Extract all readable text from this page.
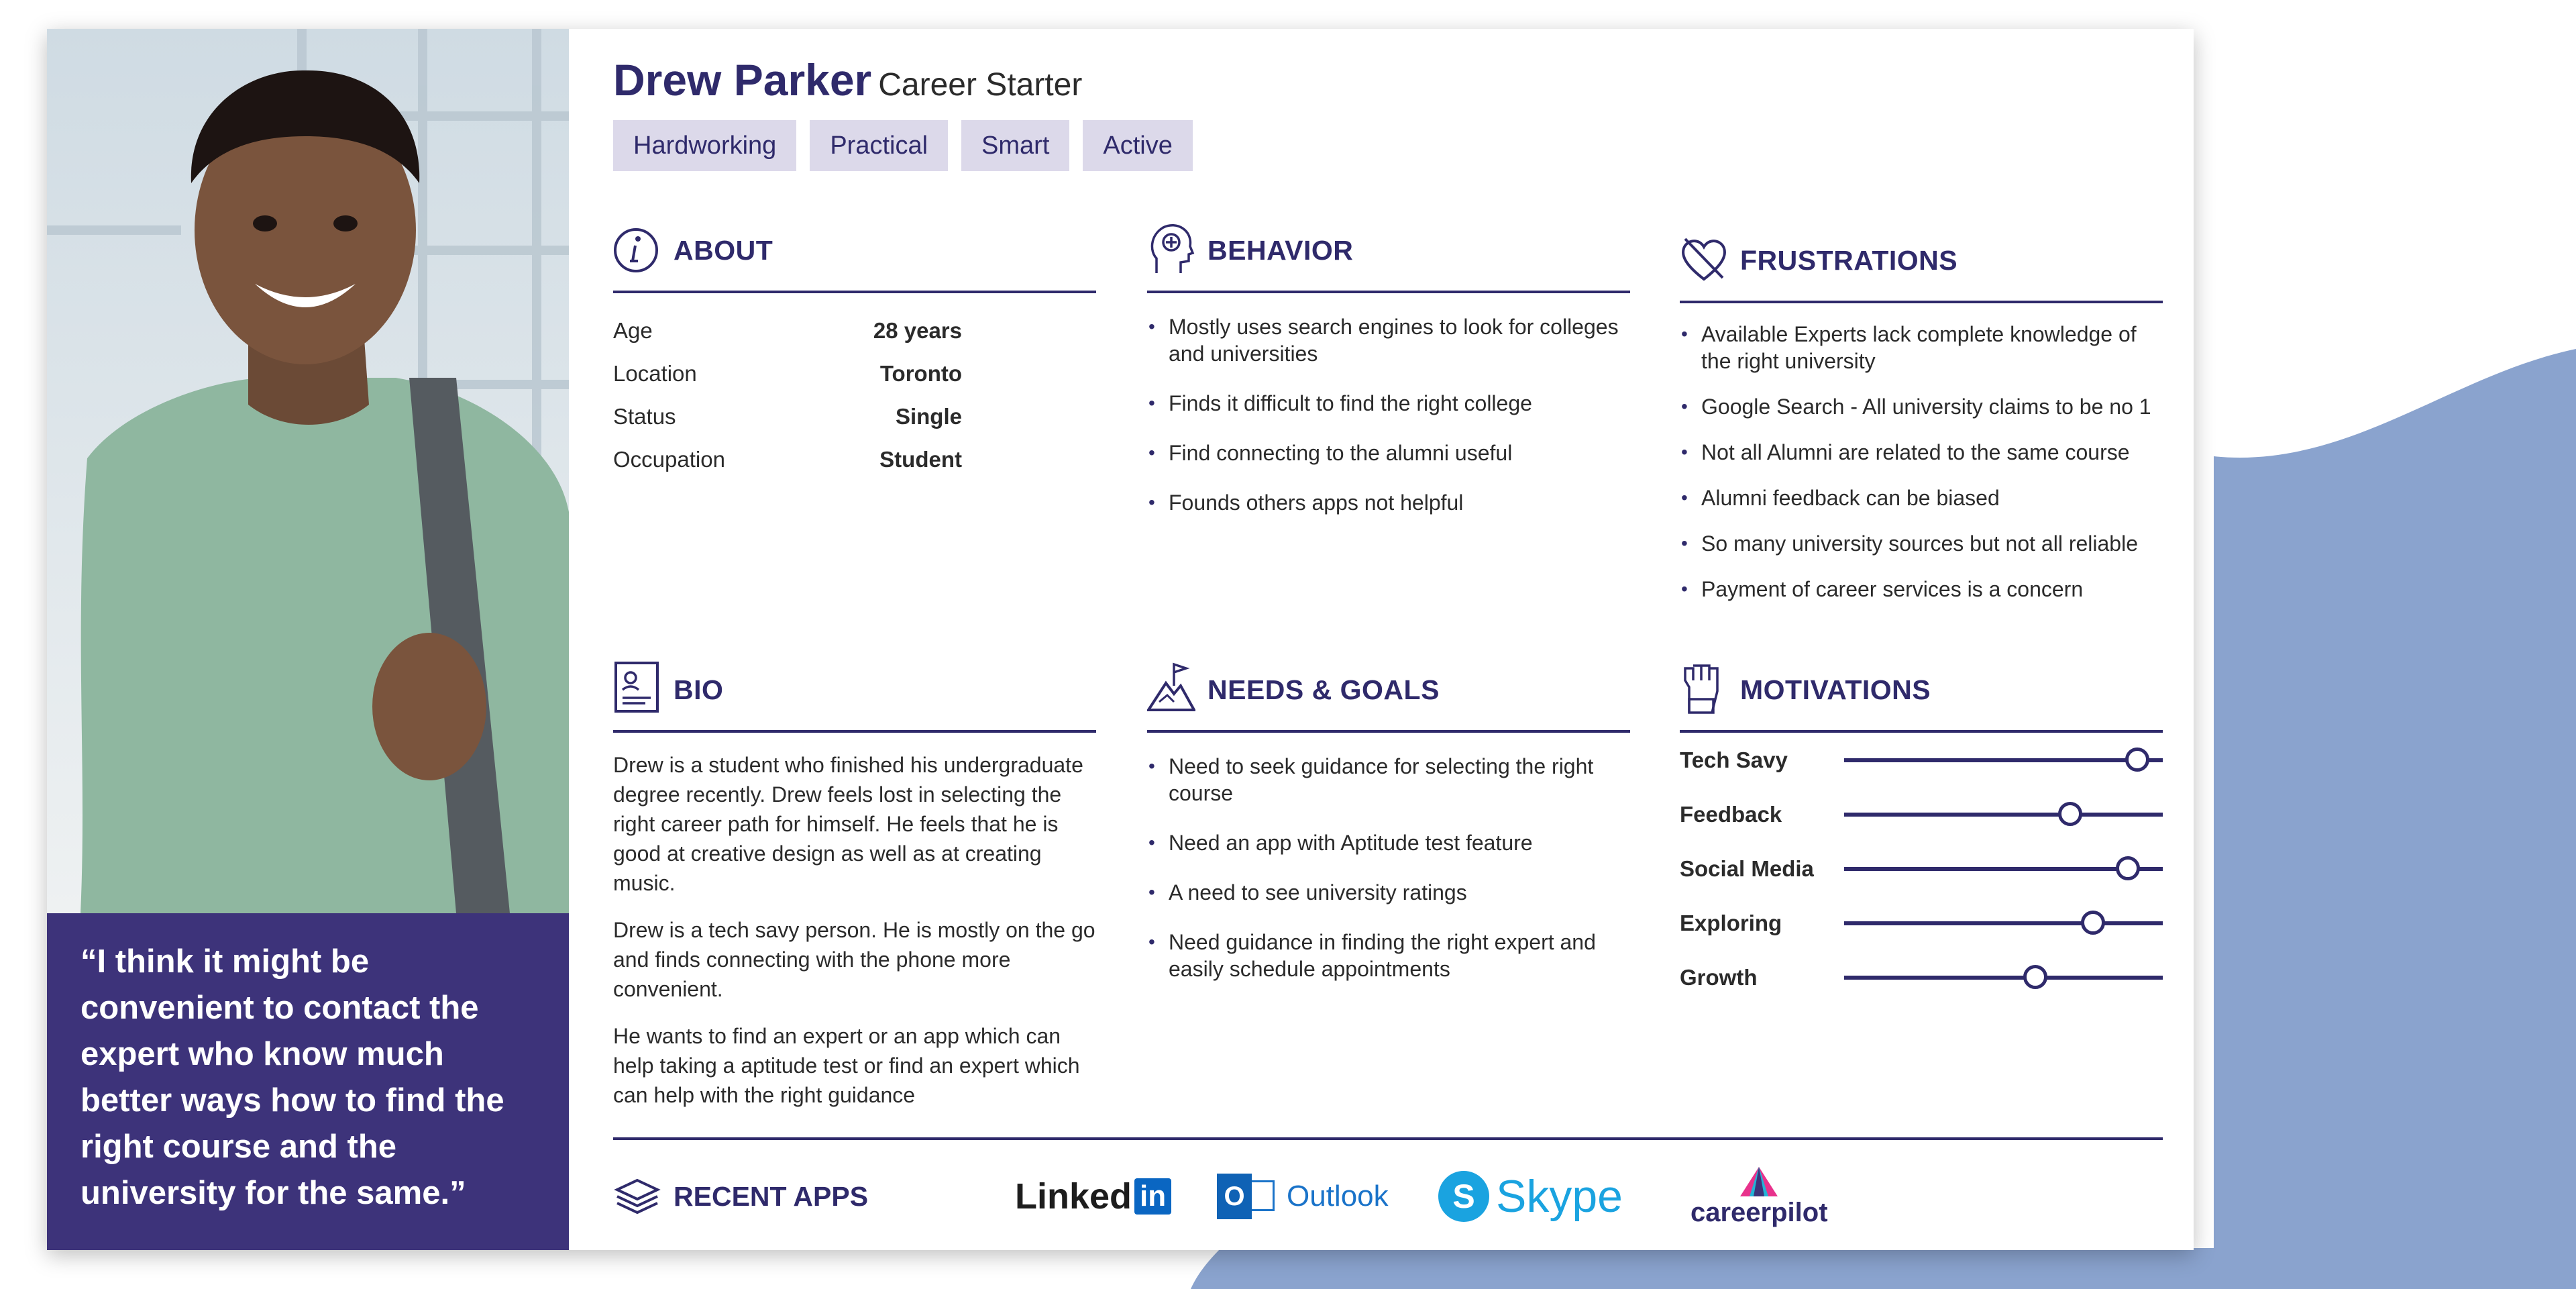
“I think it might be convenient to contact the expert who know much better ways how to find the right course and the university for the same.”
Drew Parker Career Starter
Hardworking	Practical	Smart	Active
ABOUT
Age	28 years
Location	Toronto
Status	Single
Occupation	Student
BEHAVIOR
• Mostly uses search engines to look for colleges and universities
• Finds it difficult to find the right college
• Find connecting to the alumni useful
• Founds others apps not helpful
FRUSTRATIONS
• Available Experts lack complete knowledge of the right university
• Google Search - All university claims to be no 1
• Not all Alumni are related to the same course
• Alumni feedback can be biased
• So many university sources but not all reliable
• Payment of career services is a concern
BIO

Drew is a student who finished his undergraduate degree recently. Drew feels lost in selecting the right career path for himself. He feels that he is good at creative design as well as at creating music.

Drew is a tech savy person. He is mostly on the go and finds connecting with the phone more convenient.

He wants to find an expert or an app which can help taking a aptitude test or find an expert which can help with the right guidance

NEEDS & GOALS
• Need to seek guidance for selecting the right course
• Need an app with Aptitude test feature
• A need to see university ratings
• Need guidance in finding the right expert and easily schedule appointments
MOTIVATIONS
Tech Savy
Feedback
Social Media
Exploring
Growth
RECENT APPS	Linked in O Outlook	S Skype	careerpilot
